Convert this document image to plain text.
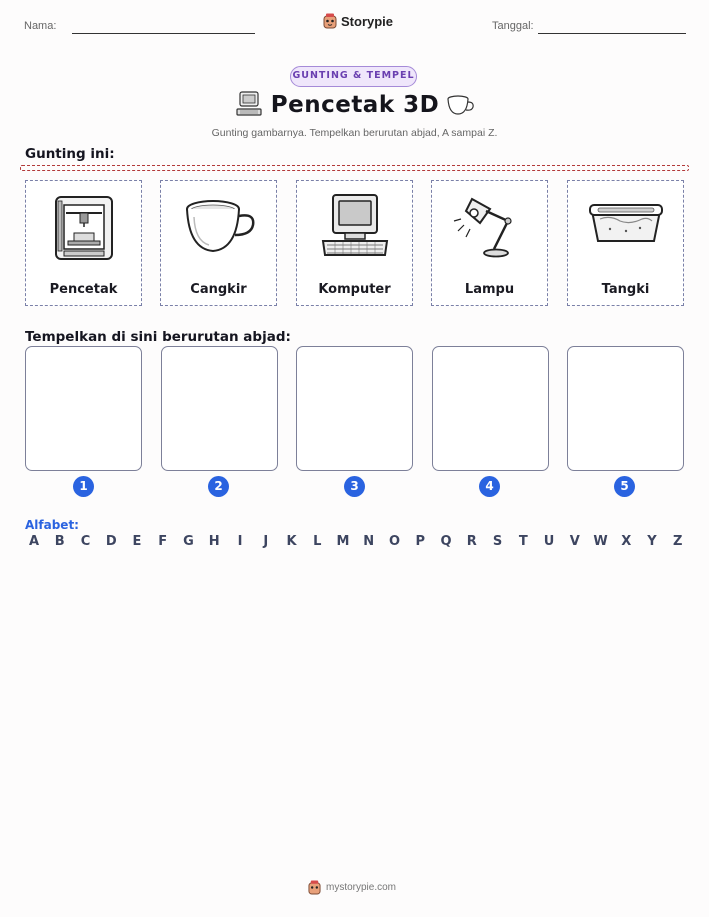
Nama:	Storypie	Tanggal:
GUNTING & TEMPEL
Pencetak 3D
Gunting gambarnya. Tempelkan berurutan abjad, A sampai Z.
Gunting ini:
Pencetak	Cangkir	Komputer	Lampu	Tangki
Tempelkan di sini berurutan abjad:
1	2	3	4	5
Alfabet:
A B C D E F G H	I	J	K L M N O P Q R S T U V W X Y Z
mystorypie.com
